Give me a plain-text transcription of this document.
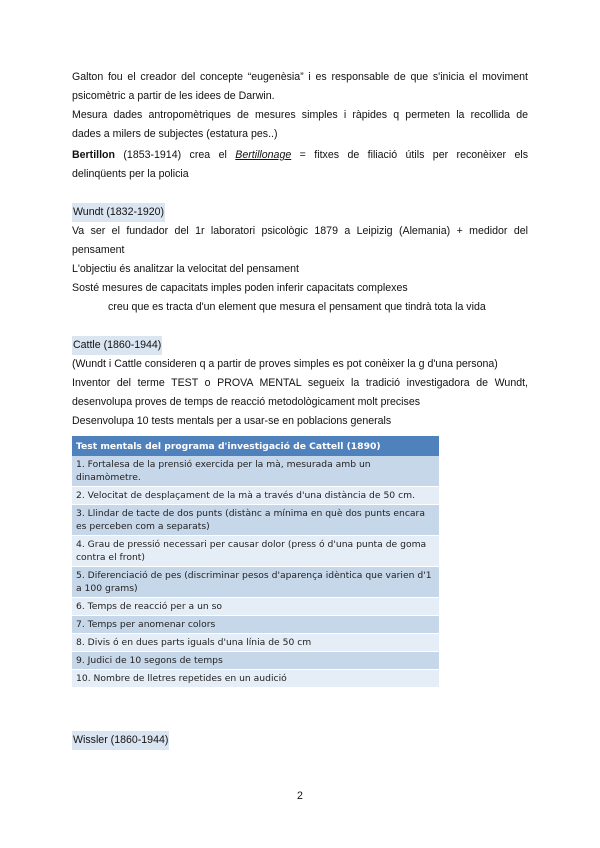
Galton fou el creador del concepte “eugenèsia” i es responsable de que s'inicia el moviment

psicomètric a partir de les idees de Darwin.

Mesura dades antropomètriques de mesures simples i ràpides q permeten la recollida de

dades a milers de subjectes (estatura pes..)

Bertillon (1853-1914) crea el Bertillonage = fitxes de filiació útils per reconèixer els

delinqüents per la policia

Wundt (1832-1920)

Va ser el fundador del 1r laboratori psicològic 1879 a Leipizig (Alemania) + medidor del

pensament

L'objectiu és analitzar la velocitat del pensament

Sosté mesures de capacitats imples poden inferir capacitats complexes

creu que es tracta d'un element que mesura el pensament que tindrà tota la vida

Cattle (1860-1944)

(Wundt i Cattle consideren q a partir de proves simples es pot conèixer la g d'una persona)

Inventor del terme TEST o PROVA MENTAL segueix la tradició investigadora de Wundt,

desenvolupa proves de temps de reacció metodològicament molt precises

Desenvolupa 10 tests mentals per a usar-se en poblacions generals

Test mentals del programa d'investigació de Cattell (1890)
1. Fortalesa de la prensió exercida per la mà, mesurada amb un dinamòmetre.
2. Velocitat de desplaçament de la mà a través d'una distància de 50 cm.
3. Llindar de tacte de dos punts (distànc a mínima en què dos punts encara es perceben com a separats)
4. Grau de pressió necessari per causar dolor (press ó d'una punta de goma contra el front)
5. Diferenciació de pes (discriminar pesos d'aparença idèntica que varien d'1 a 100 grams)
6. Temps de reacció per a un so
7. Temps per anomenar colors
8. Divis ó en dues parts iguals d'una línia de 50 cm
9. Judici de 10 segons de temps
10. Nombre de lletres repetides en un audició

Wissler (1860-1944)

2
